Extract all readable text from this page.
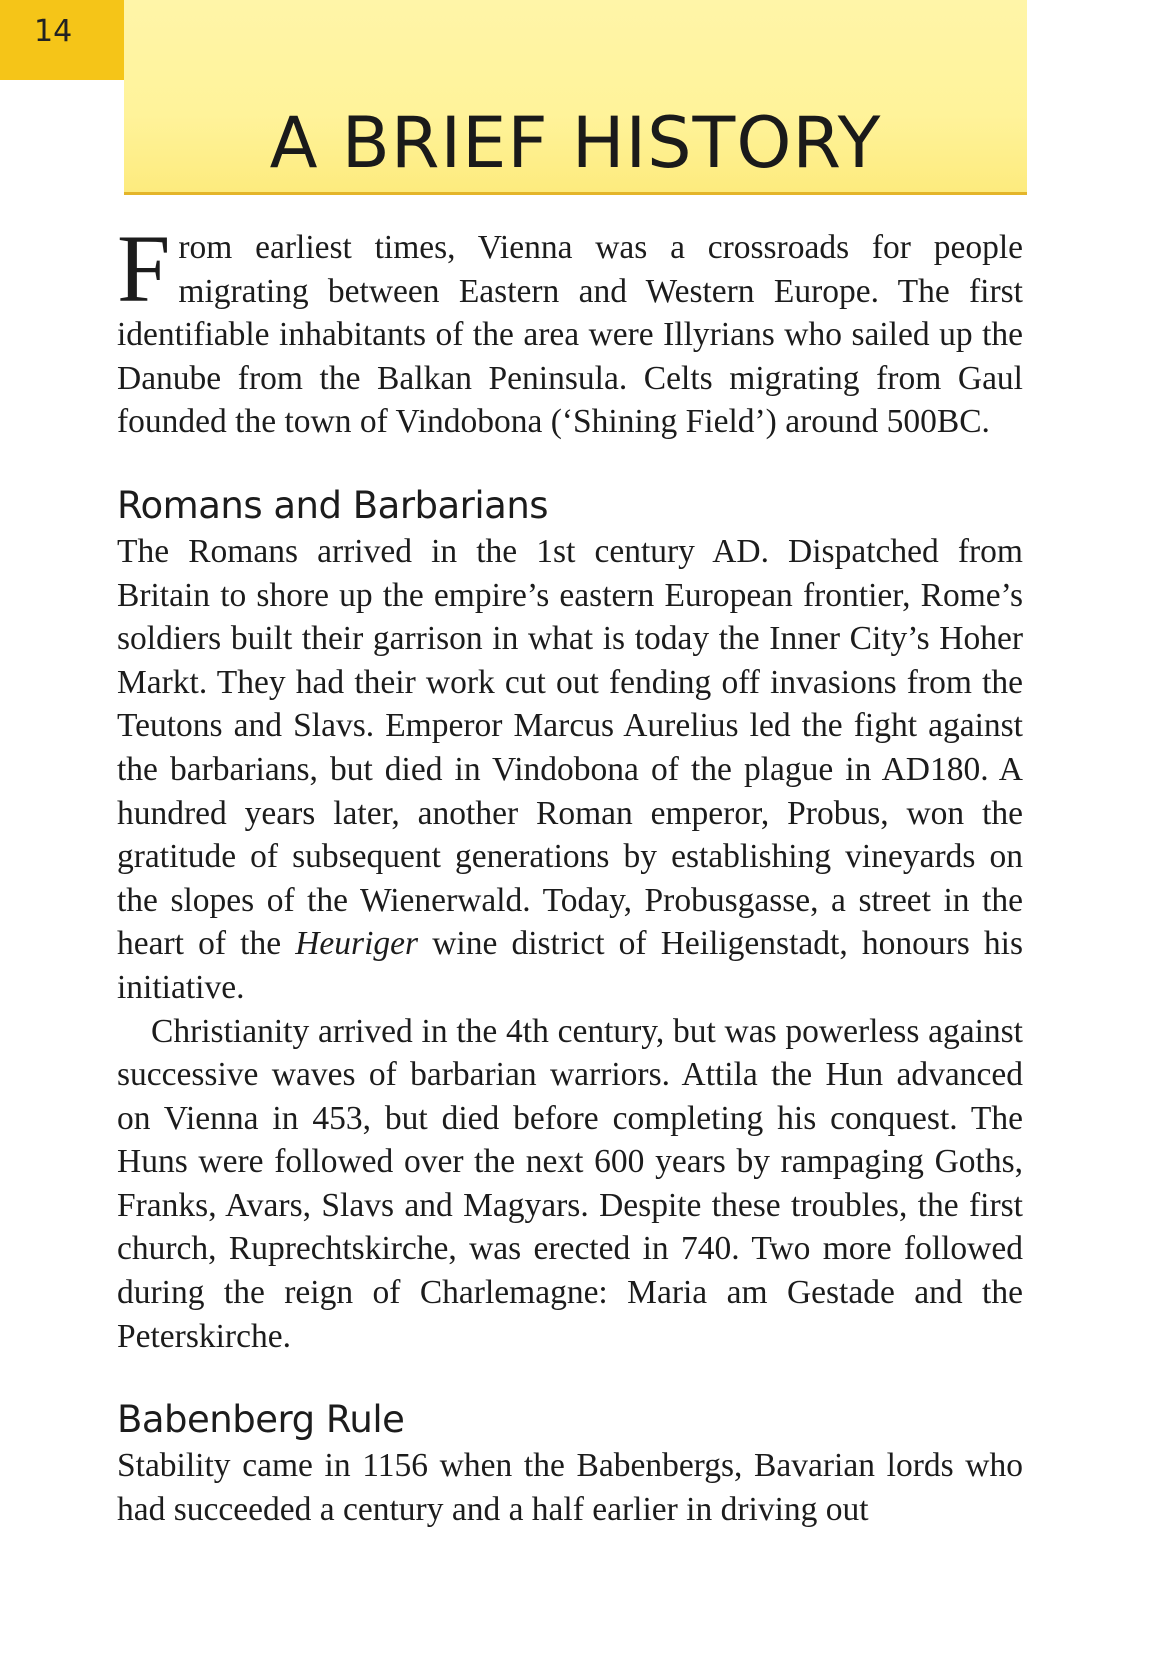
14
A BRIEF HISTORY

From earliest times, Vienna was a crossroads for people migrating between Eastern and Western Europe. The first identifiable inhabitants of the area were Illyrians who sailed up the Danube from the Balkan Peninsula. Celts migrating from Gaul founded the town of Vindobona (‘Shining Field’) around 500BC.

Romans and Barbarians

The Romans arrived in the 1st century AD. Dispatched from Britain to shore up the empire’s eastern European frontier, Rome’s soldiers built their garrison in what is today the Inner City’s Hoher Markt. They had their work cut out fending off invasions from the Teutons and Slavs. Emperor Marcus Aurelius led the fight against the barbarians, but died in Vindobona of the plague in AD180. A hundred years later, another Roman emperor, Probus, won the gratitude of subsequent generations by establishing vineyards on the slopes of the Wienerwald. Today, Probusgasse, a street in the heart of the Heuriger wine district of Heiligenstadt, honours his initiative.

Christianity arrived in the 4th century, but was powerless against successive waves of barbarian warriors. Attila the Hun advanced on Vienna in 453, but died before completing his conquest. The Huns were followed over the next 600 years by rampaging Goths, Franks, Avars, Slavs and Magyars. Despite these troubles, the first church, Ruprechtskirche, was erected in 740. Two more followed during the reign of Charlemagne: Maria am Gestade and the Peterskirche.

Babenberg Rule

Stability came in 1156 when the Babenbergs, Bavarian lords who had succeeded a century and a half earlier in driving out
